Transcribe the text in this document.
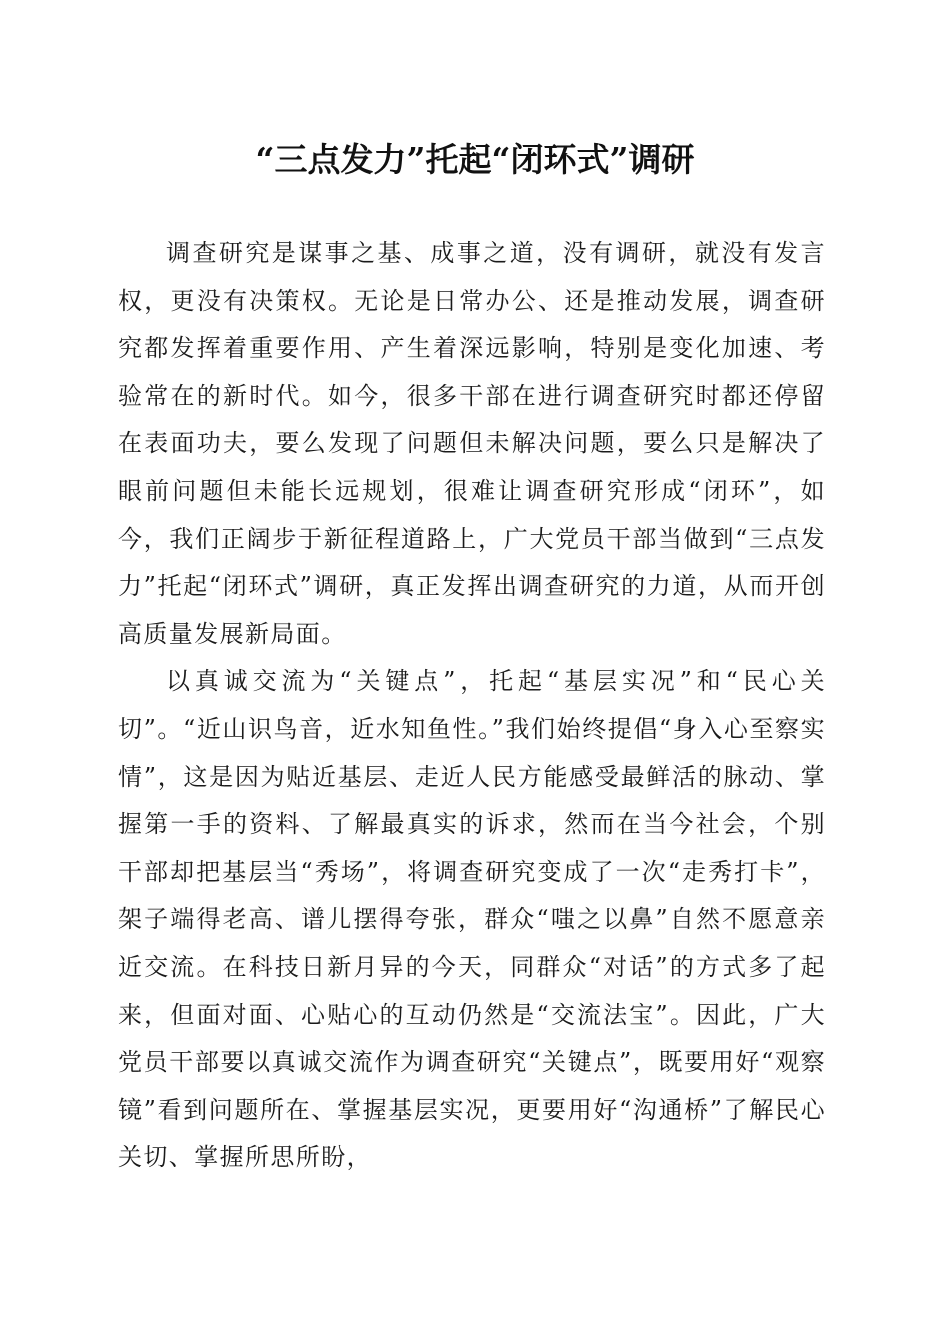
“三点发力”托起“闭环式”调研

调查研究是谋事之基、成事之道，没有调研，就没有发言权，更没有决策权。无论是日常办公、还是推动发展，调查研究都发挥着重要作用、产生着深远影响，特别是变化加速、考验常在的新时代。如今，很多干部在进行调查研究时都还停留在表面功夫，要么发现了问题但未解决问题，要么只是解决了眼前问题但未能长远规划，很难让调查研究形成“闭环”，如今，我们正阔步于新征程道路上，广大党员干部当做到“三点发力”托起“闭环式”调研，真正发挥出调查研究的力道，从而开创高质量发展新局面。

以真诚交流为“关键点”，托起“基层实况”和“民心关切”。“近山识鸟音，近水知鱼性。”我们始终提倡“身入心至察实情”，这是因为贴近基层、走近人民方能感受最鲜活的脉动、掌握第一手的资料、了解最真实的诉求，然而在当今社会，个别干部却把基层当“秀场”，将调查研究变成了一次“走秀打卡”，架子端得老高、谱儿摆得夸张，群众“嗤之以鼻”自然不愿意亲近交流。在科技日新月异的今天，同群众“对话”的方式多了起来，但面对面、心贴心的互动仍然是“交流法宝”。因此，广大党员干部要以真诚交流作为调查研究“关键点”，既要用好“观察镜”看到问题所在、掌握基层实况，更要用好“沟通桥”了解民心关切、掌握所思所盼，
